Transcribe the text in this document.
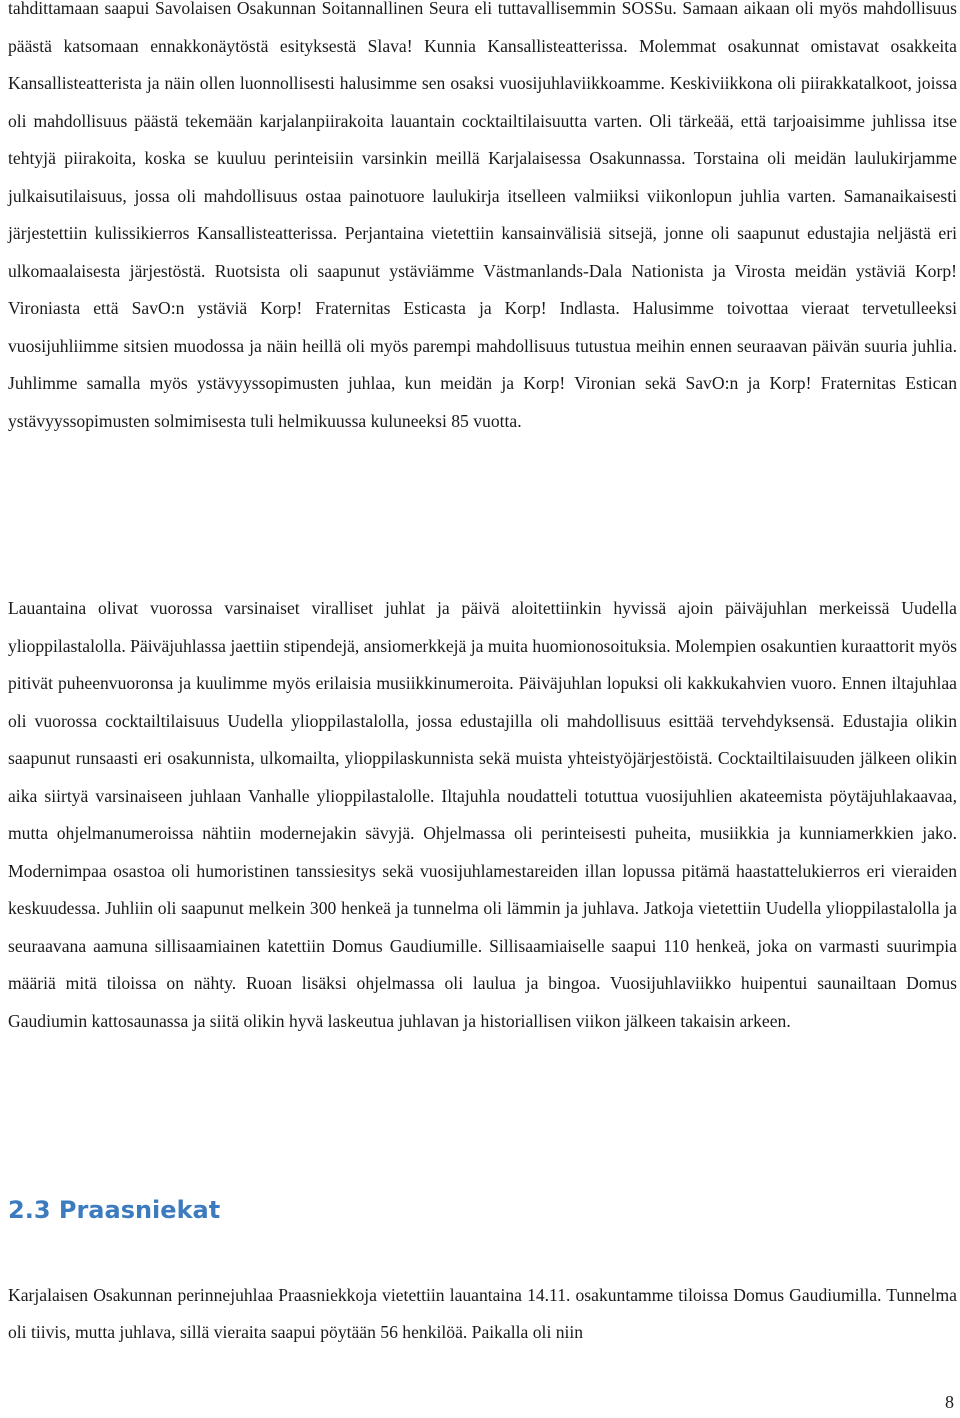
tahdittamaan saapui Savolaisen Osakunnan Soitannallinen Seura eli tuttavallisemmin SOSSu. Samaan aikaan oli myös mahdollisuus päästä katsomaan ennakkonäytöstä esityksestä Slava! Kunnia Kansallisteatterissa. Molemmat osakunnat omistavat osakkeita Kansallisteatterista ja näin ollen luonnollisesti halusimme sen osaksi vuosijuhlaviikkoamme. Keskiviikkona oli piirakkatalkoot, joissa oli mahdollisuus päästä tekemään karjalanpiirakoita lauantain cocktailtilaisuutta varten. Oli tärkeää, että tarjoaisimme juhlissa itse tehtyjä piirakoita, koska se kuuluu perinteisiin varsinkin meillä Karjalaisessa Osakunnassa. Torstaina oli meidän laulukirjamme julkaisutilaisuus, jossa oli mahdollisuus ostaa painotuore laulukirja itselleen valmiiksi viikonlopun juhlia varten. Samanaikaisesti järjestettiin kulissikierros Kansallisteatterissa. Perjantaina vietettiin kansainvälisiä sitsejä, jonne oli saapunut edustajia neljästä eri ulkomaalaisesta järjestöstä. Ruotsista oli saapunut ystäviämme Västmanlands-Dala Nationista ja Virosta meidän ystäviä Korp! Vironiasta että SavO:n ystäviä Korp! Fraternitas Esticasta ja Korp! Indlasta. Halusimme toivottaa vieraat tervetulleeksi vuosijuhliimme sitsien muodossa ja näin heillä oli myös parempi mahdollisuus tutustua meihin ennen seuraavan päivän suuria juhlia. Juhlimme samalla myös ystävyyssopimusten juhlaa, kun meidän ja Korp! Vironian sekä SavO:n ja Korp! Fraternitas Estican ystävyyssopimusten solmimisesta tuli helmikuussa kuluneeksi 85 vuotta.

Lauantaina olivat vuorossa varsinaiset viralliset juhlat ja päivä aloitettiinkin hyvissä ajoin päiväjuhlan merkeissä Uudella ylioppilastalolla. Päiväjuhlassa jaettiin stipendejä, ansiomerkkejä ja muita huomionosoituksia. Molempien osakuntien kuraattorit myös pitivät puheenvuoronsa ja kuulimme myös erilaisia musiikkinumeroita. Päiväjuhlan lopuksi oli kakkukahvien vuoro. Ennen iltajuhlaa oli vuorossa cocktailtilaisuus Uudella ylioppilastalolla, jossa edustajilla oli mahdollisuus esittää tervehdyksensä. Edustajia olikin saapunut runsaasti eri osakunnista, ulkomailta, ylioppilaskunnista sekä muista yhteistyöjärjestöistä. Cocktailtilaisuuden jälkeen olikin aika siirtyä varsinaiseen juhlaan Vanhalle ylioppilastalolle. Iltajuhla noudatteli totuttua vuosijuhlien akateemista pöytäjuhlakaavaa, mutta ohjelmanumeroissa nähtiin modernejakin sävyjä. Ohjelmassa oli perinteisesti puheita, musiikkia ja kunniamerkkien jako. Modernimpaa osastoa oli humoristinen tanssiesitys sekä vuosijuhlamestareiden illan lopussa pitämä haastattelukierros eri vieraiden keskuudessa. Juhliin oli saapunut melkein 300 henkeä ja tunnelma oli lämmin ja juhlava. Jatkoja vietettiin Uudella ylioppilastalolla ja seuraavana aamuna sillisaamiainen katettiin Domus Gaudiumille. Sillisaamiaiselle saapui 110 henkeä, joka on varmasti suurimpia määriä mitä tiloissa on nähty. Ruoan lisäksi ohjelmassa oli laulua ja bingoa. Vuosijuhlaviikko huipentui saunailtaan Domus Gaudiumin kattosaunassa ja siitä olikin hyvä laskeutua juhlavan ja historiallisen viikon jälkeen takaisin arkeen.

2.3 Praasniekat

Karjalaisen Osakunnan perinnejuhlaa Praasniekkoja vietettiin lauantaina 14.11. osakuntamme tiloissa Domus Gaudiumilla. Tunnelma oli tiivis, mutta juhlava, sillä vieraita saapui pöytään 56 henkilöä. Paikalla oli niin

8
